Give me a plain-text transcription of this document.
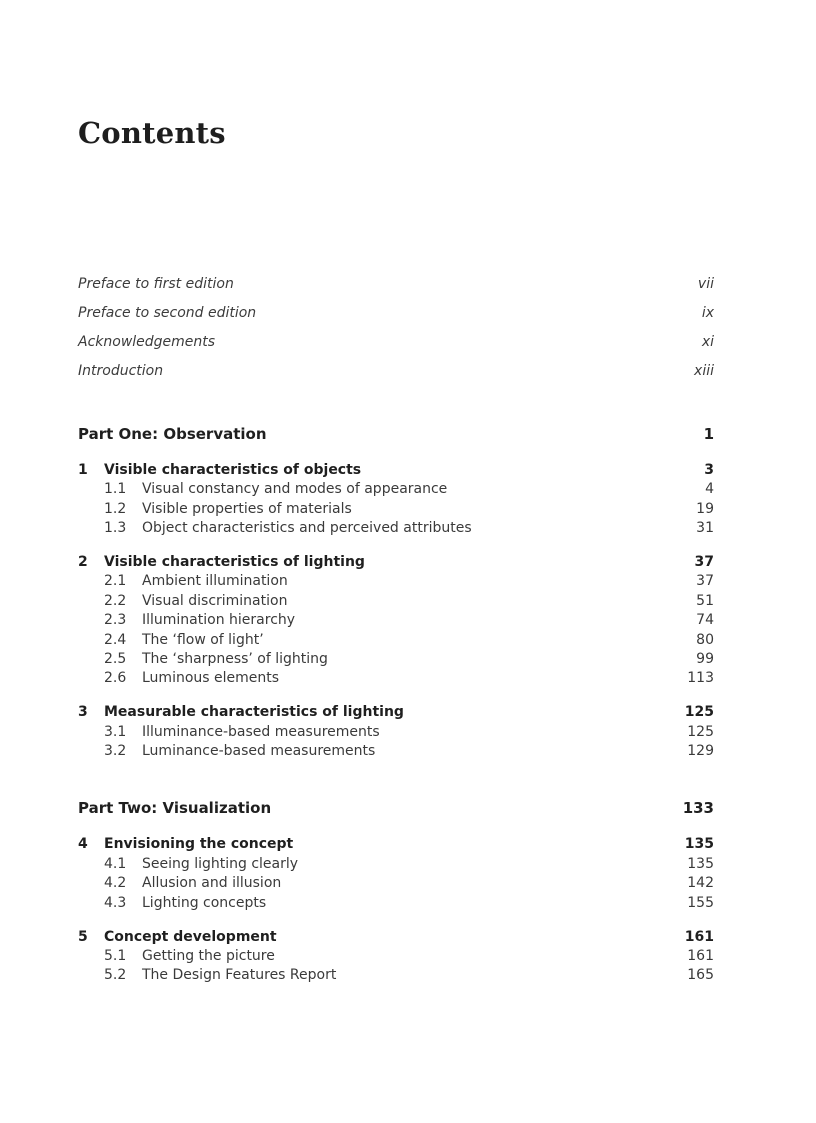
Contents
Preface to first edition	vii
Preface to second edition	ix
Acknowledgements	xi
Introduction	xiii
Part One: Observation	1
1	Visible characteristics of objects	3
1.1	Visual constancy and modes of appearance	4
1.2	Visible properties of materials	19
1.3	Object characteristics and perceived attributes	31
2	Visible characteristics of lighting	37
2.1	Ambient illumination	37
2.2	Visual discrimination	51
2.3	Illumination hierarchy	74
2.4	The ‘flow of light’	80
2.5	The ‘sharpness’ of lighting	99
2.6	Luminous elements	113
3	Measurable characteristics of lighting	125
3.1	Illuminance-based measurements	125
3.2	Luminance-based measurements	129
Part Two: Visualization	133
4	Envisioning the concept	135
4.1	Seeing lighting clearly	135
4.2	Allusion and illusion	142
4.3	Lighting concepts	155
5	Concept development	161
5.1	Getting the picture	161
5.2	The Design Features Report	165
